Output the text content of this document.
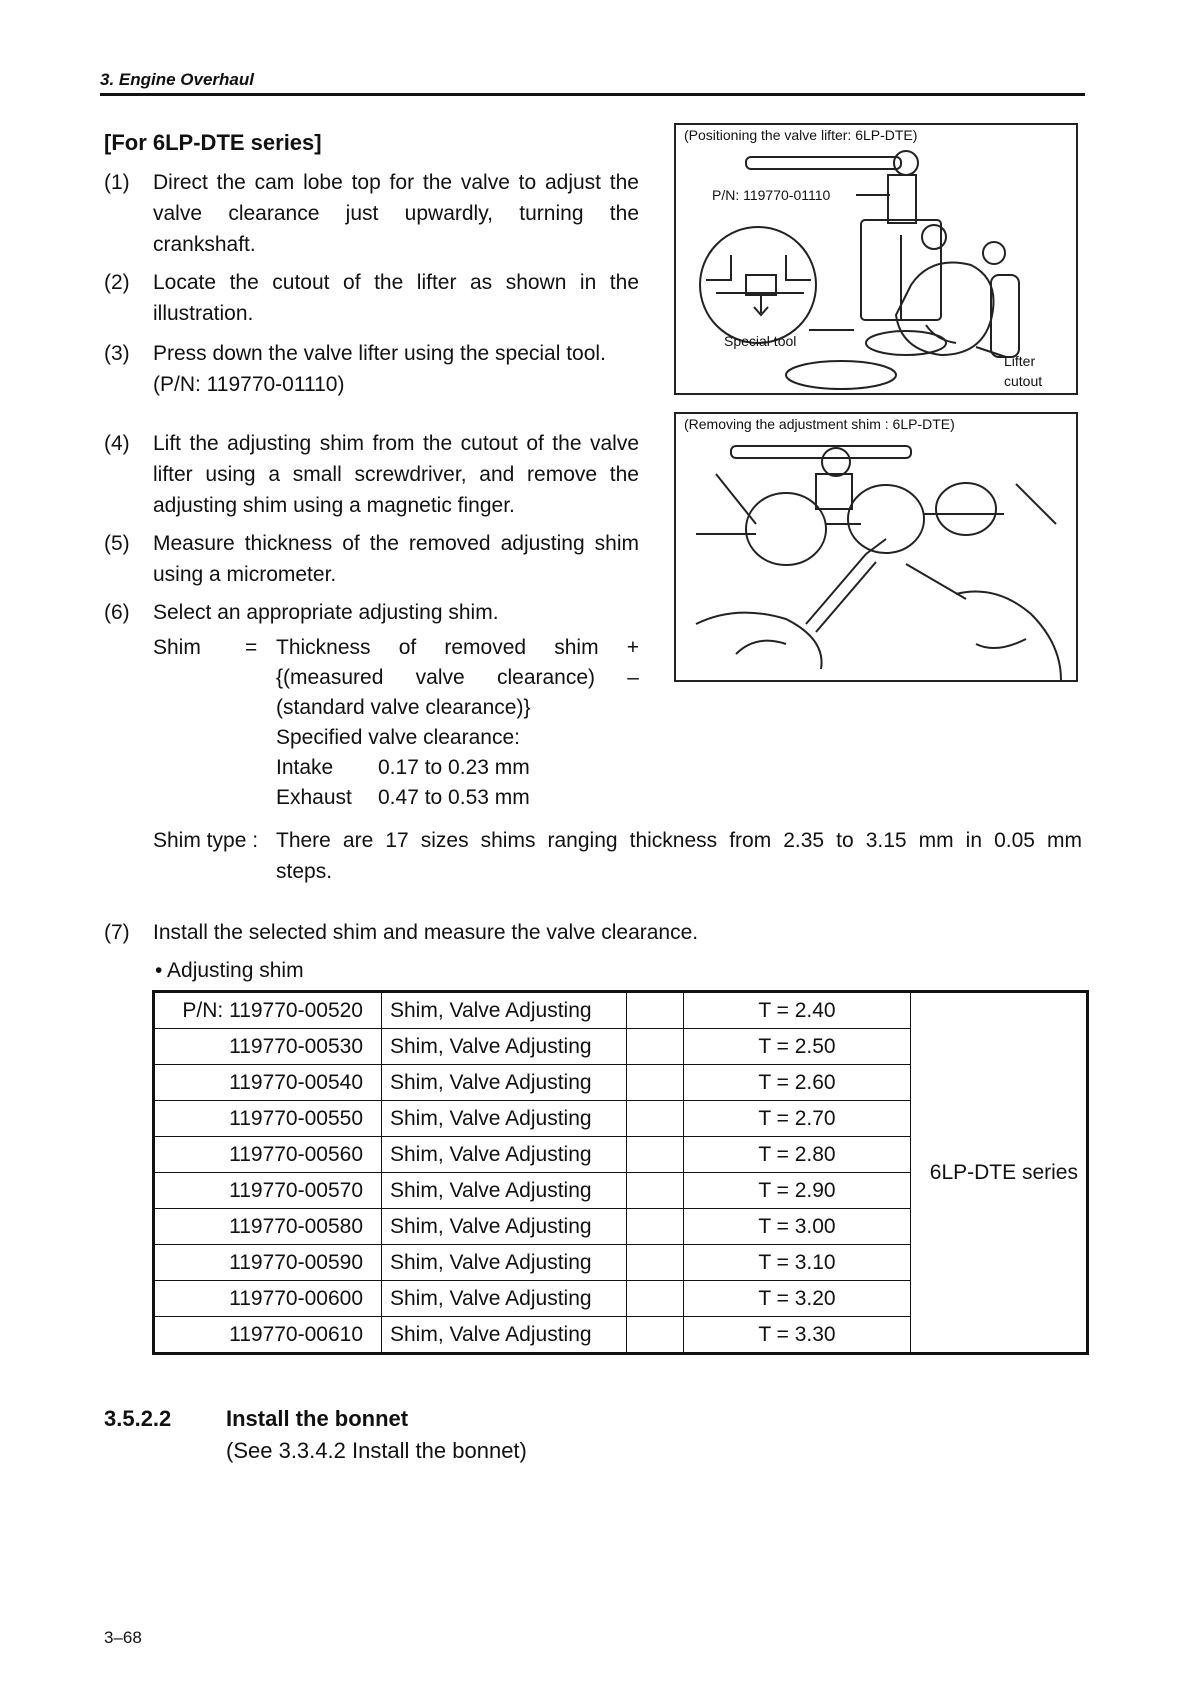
3. Engine Overhaul
[For 6LP-DTE series]
(1) Direct the cam lobe top for the valve to adjust the valve clearance just upwardly, turning the crankshaft.
(2) Locate the cutout of the lifter as shown in the illustration.
(3) Press down the valve lifter using the special tool. (P/N: 119770-01110)
(4) Lift the adjusting shim from the cutout of the valve lifter using a small screwdriver, and remove the adjusting shim using a magnetic finger.
(5) Measure thickness of the removed adjusting shim using a micrometer.
(6) Select an appropriate adjusting shim.
Shim = Thickness of removed shim +
{(measured valve clearance) –
(standard valve clearance)}
Specified valve clearance:
Intake 0.17 to 0.23 mm
Exhaust 0.47 to 0.53 mm
Shim type : There are 17 sizes shims ranging thickness from 2.35 to 3.15 mm in 0.05 mm
steps.
(7) Install the selected shim and measure the valve clearance.
• Adjusting shim
(Positioning the valve lifter: 6LP-DTE)
P/N: 119770-01110
Special tool
Lifter
cutout
(Removing the adjustment shim : 6LP-DTE)
P/N: 119770-00520	Shim, Valve Adjusting		T = 2.40	6LP-DTE series
119770-00530	Shim, Valve Adjusting		T = 2.50	
119770-00540	Shim, Valve Adjusting		T = 2.60	
119770-00550	Shim, Valve Adjusting		T = 2.70	
119770-00560	Shim, Valve Adjusting		T = 2.80	
119770-00570	Shim, Valve Adjusting		T = 2.90	
119770-00580	Shim, Valve Adjusting		T = 3.00	
119770-00590	Shim, Valve Adjusting		T = 3.10	
119770-00600	Shim, Valve Adjusting		T = 3.20	
119770-00610	Shim, Valve Adjusting		T = 3.30	
3.5.2.2 Install the bonnet
(See 3.3.4.2 Install the bonnet)
3–68
